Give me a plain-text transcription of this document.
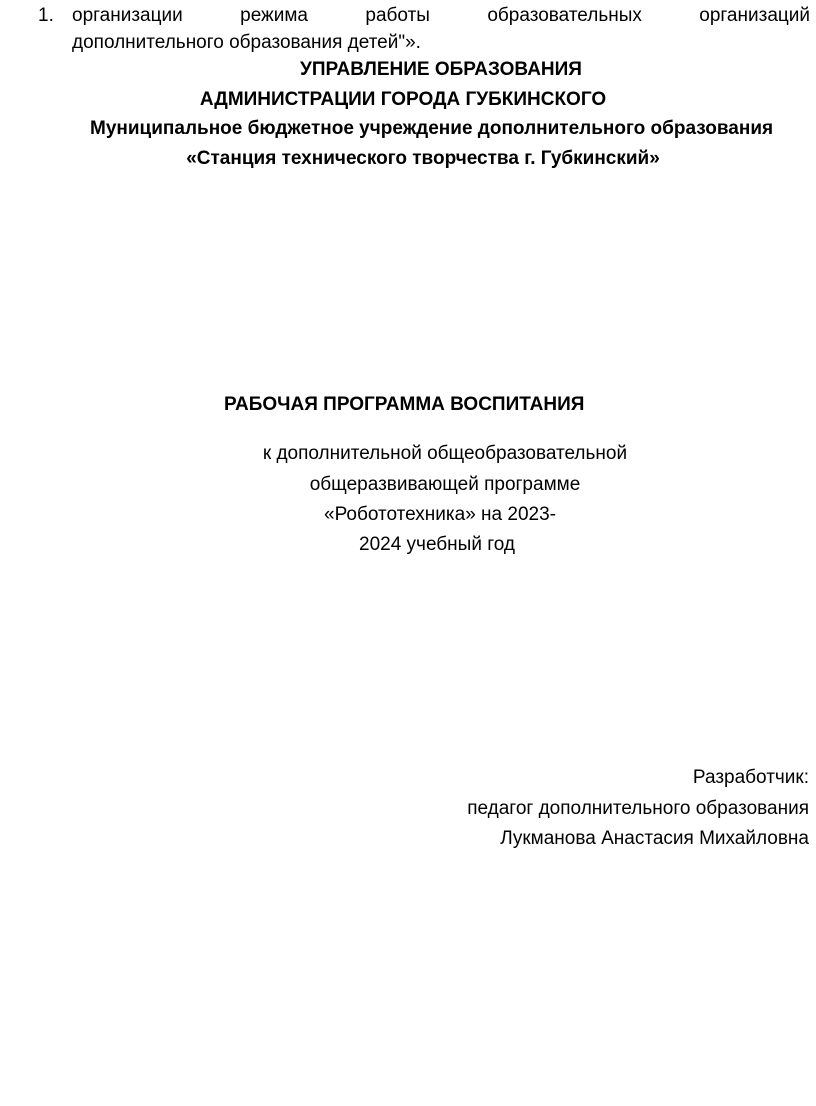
1. организации режима работы образовательных организаций
дополнительного образования детей"».
УПРАВЛЕНИЕ ОБРАЗОВАНИЯ
АДМИНИСТРАЦИИ ГОРОДА ГУБКИНСКОГО
Муниципальное бюджетное учреждение дополнительного образования
«Станция технического творчества г. Губкинский»
РАБОЧАЯ ПРОГРАММА ВОСПИТАНИЯ
к дополнительной общеобразовательной
общеразвивающей программе
«Робототехника» на 2023-
2024 учебный год
Разработчик:
педагог дополнительного образования
Лукманова Анастасия Михайловна
